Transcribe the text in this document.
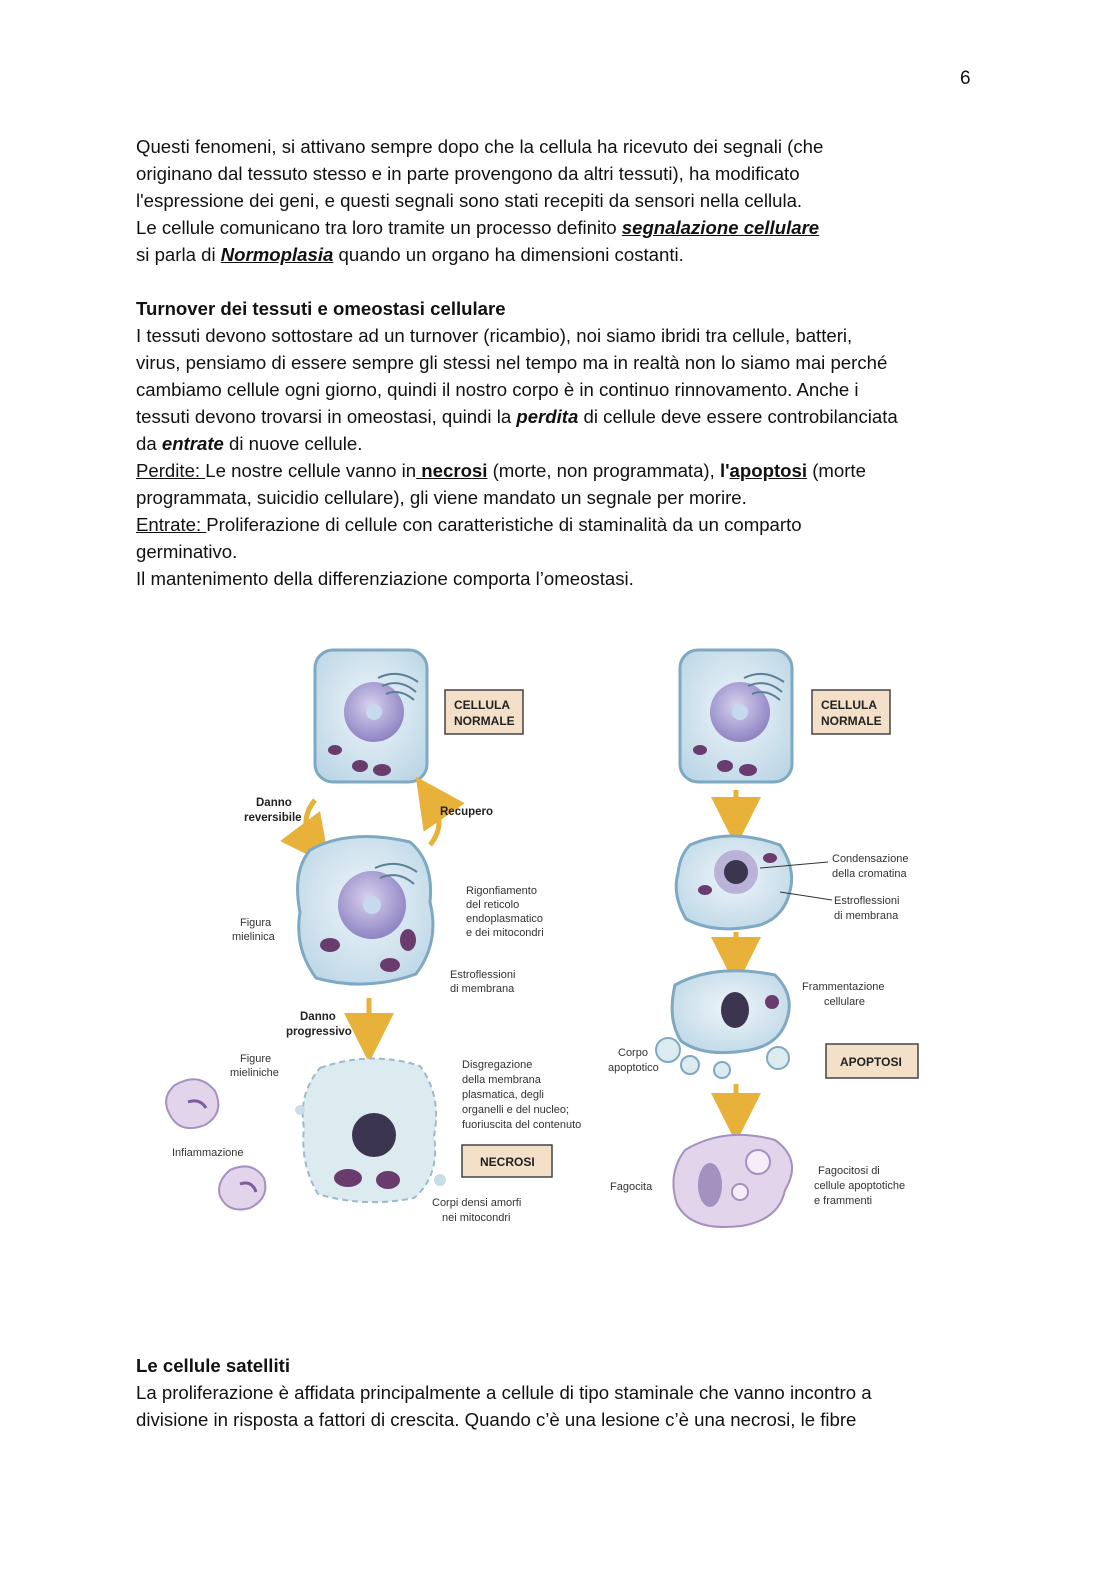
6

Questi fenomeni, si attivano sempre dopo che la cellula ha ricevuto dei segnali (che

originano dal tessuto stesso e in parte provengono da altri tessuti), ha modificato

l'espressione dei geni, e questi segnali sono stati recepiti da sensori nella cellula.

Le cellule comunicano tra loro tramite un processo definito segnalazione cellulare

si parla di Normoplasia quando un organo ha dimensioni costanti.

Turnover dei tessuti e omeostasi cellulare

I tessuti devono sottostare ad un turnover (ricambio), noi siamo ibridi tra cellule, batteri,

virus, pensiamo di essere sempre gli stessi nel tempo ma in realtà non lo siamo mai perché

cambiamo cellule ogni giorno, quindi il nostro corpo è in continuo rinnovamento. Anche i

tessuti devono trovarsi in omeostasi, quindi la perdita di cellule deve essere controbilanciata

da entrate di nuove cellule.

Perdite: Le nostre cellule vanno in necrosi (morte, non programmata), l'apoptosi (morte

programmata, suicidio cellulare), gli viene mandato un segnale per morire.

Entrate: Proliferazione di cellule con caratteristiche di staminalità da un comparto

germinativo.

Il mantenimento della differenziazione comporta l’omeostasi.

CELLULA
NORMALE
Danno
reversibile	Recupero
Rigonfiamento
del reticolo
endoplasmatico
e dei mitocondri
Figura
mielinica
Estroflessioni
di membrana
Danno
progressivo
Figure
mieliniche
Disgregazione
della membrana
plasmatica, degli
organelli e del nucleo;
fuoriuscita del contenuto
Infiammazione
NECROSI
Corpi densi amorfi
nei mitocondri
CELLULA
NORMALE
Condensazione
della cromatina
Estroflessioni
di membrana
Frammentazione
cellulare
Corpo
apoptotico	APOPTOSI
Fagocita
Fagocitosi di
cellule apoptotiche
e frammenti

Le cellule satelliti

La proliferazione è affidata principalmente a cellule di tipo staminale che vanno incontro a

divisione in risposta a fattori di crescita. Quando c’è una lesione c’è una necrosi, le fibre
